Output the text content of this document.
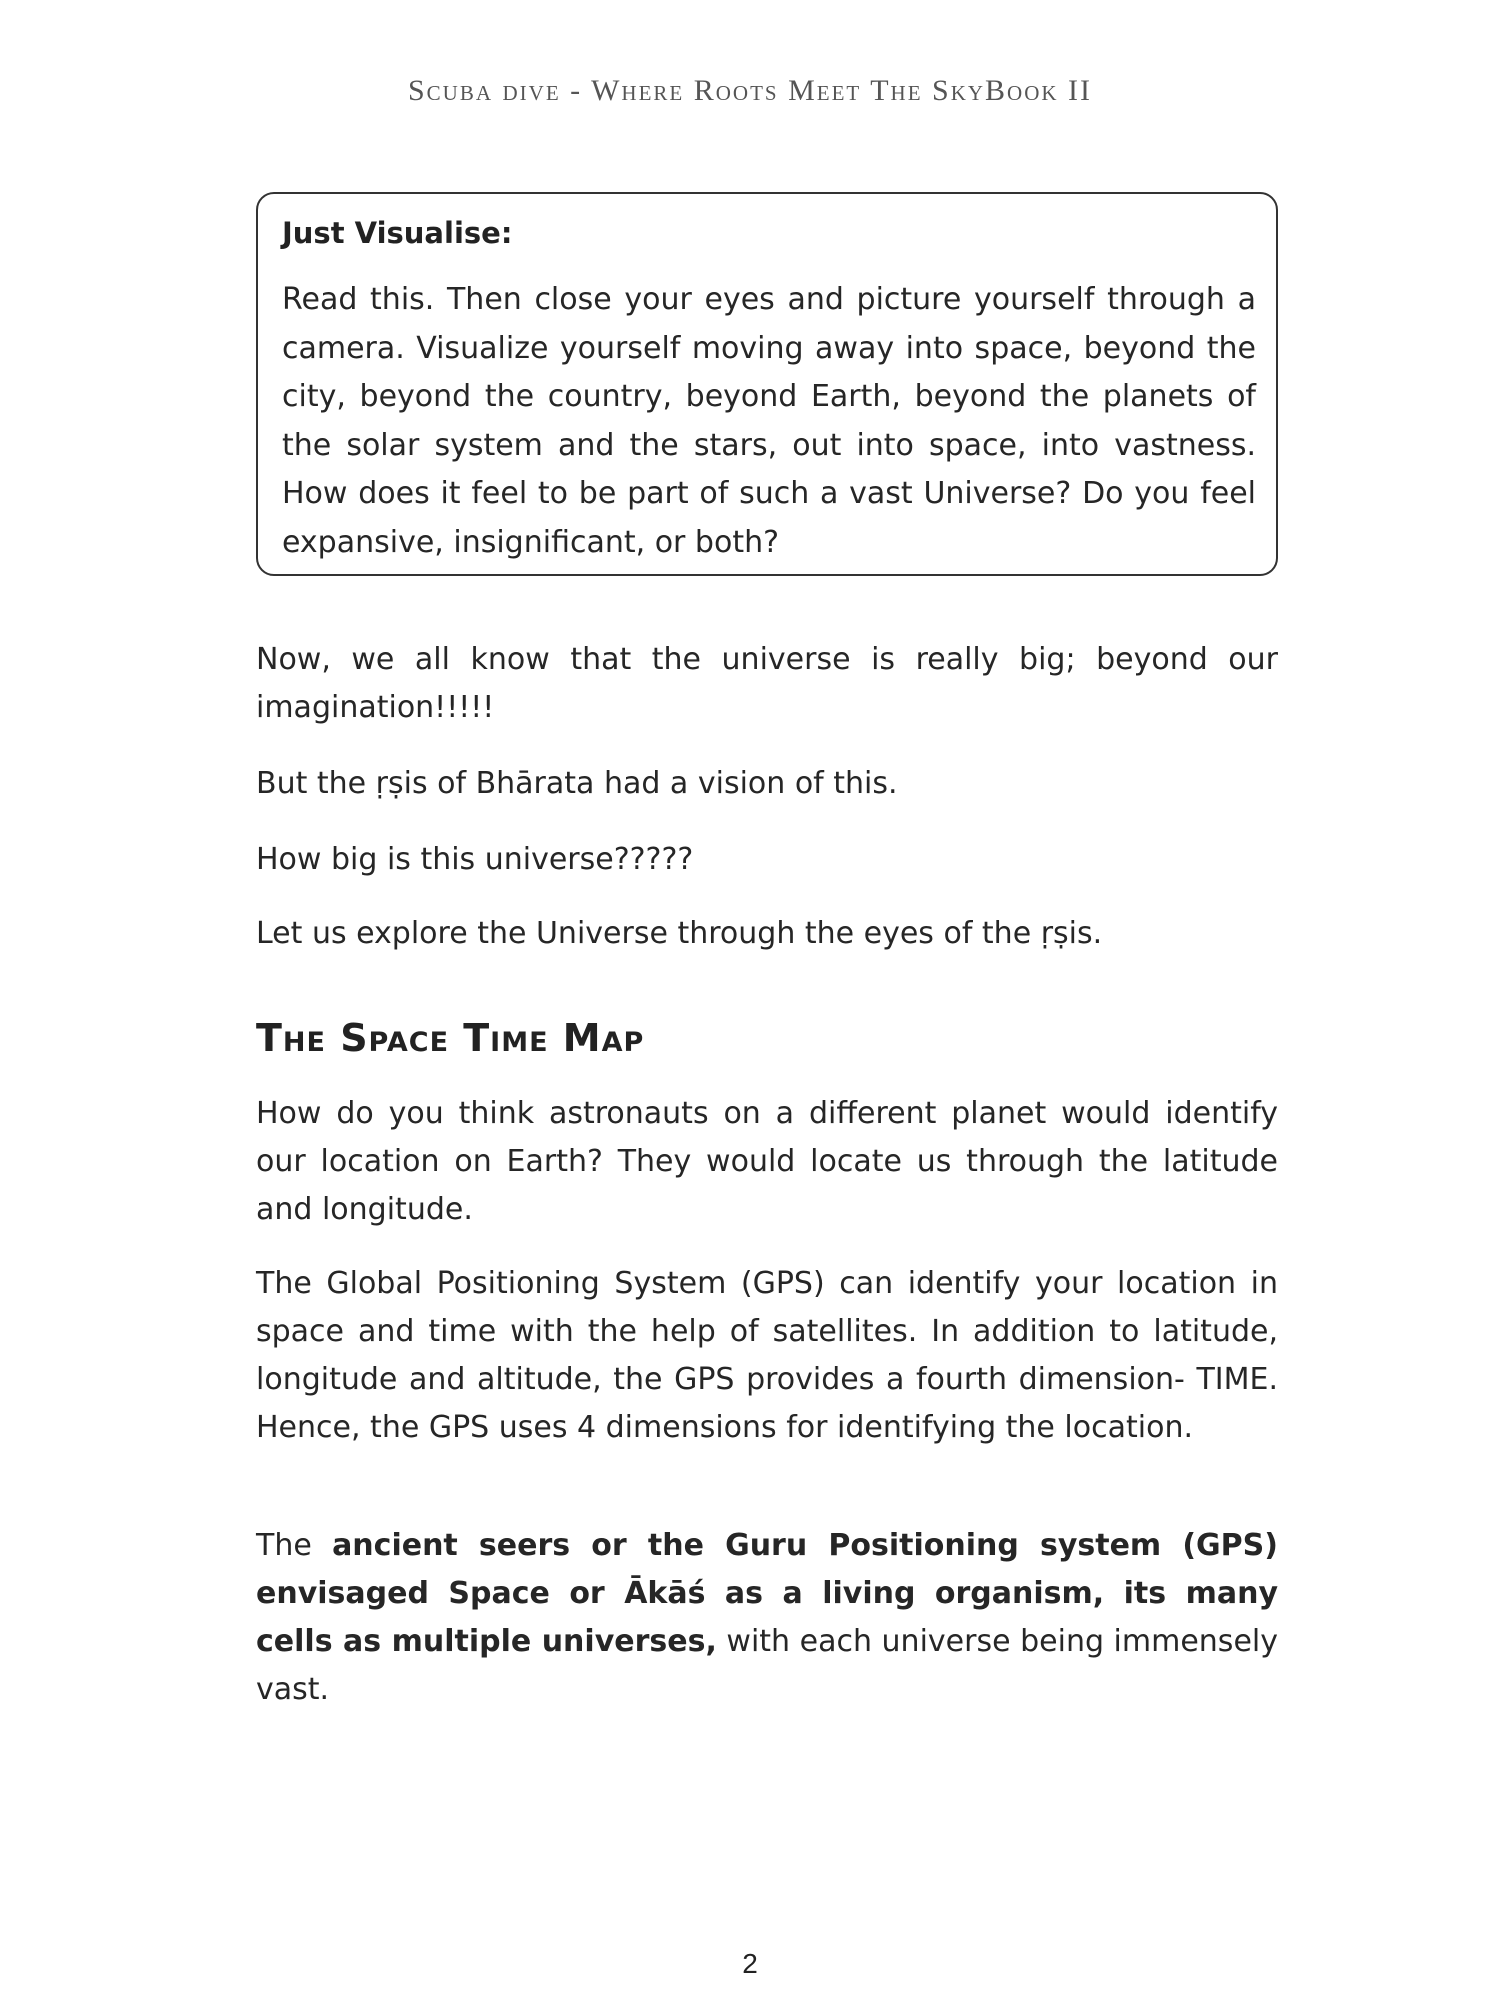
Scuba dive - Where Roots Meet The SkyBook II

Just Visualise:

Read this. Then close your eyes and picture yourself through a camera. Visualize yourself moving away into space, beyond the city, beyond the country, beyond Earth, beyond the planets of the solar system and the stars, out into space, into vastness. How does it feel to be part of such a vast Universe? Do you feel expansive, insignificant, or both?

Now, we all know that the universe is really big; beyond our imagination!!!!!

But the ṛṣis of Bhārata had a vision of this.

How big is this universe?????

Let us explore the Universe through the eyes of the ṛṣis.

The Space Time Map

How do you think astronauts on a different planet would identify our location on Earth? They would locate us through the latitude and longitude.

The Global Positioning System (GPS) can identify your location in space and time with the help of satellites. In addition to latitude, longitude and altitude, the GPS provides a fourth dimension- TIME. Hence, the GPS uses 4 dimensions for identifying the location.

The ancient seers or the Guru Positioning system (GPS) envisaged Space or Ākāś as a living organism, its many cells as multiple universes, with each universe being immensely vast.

2
